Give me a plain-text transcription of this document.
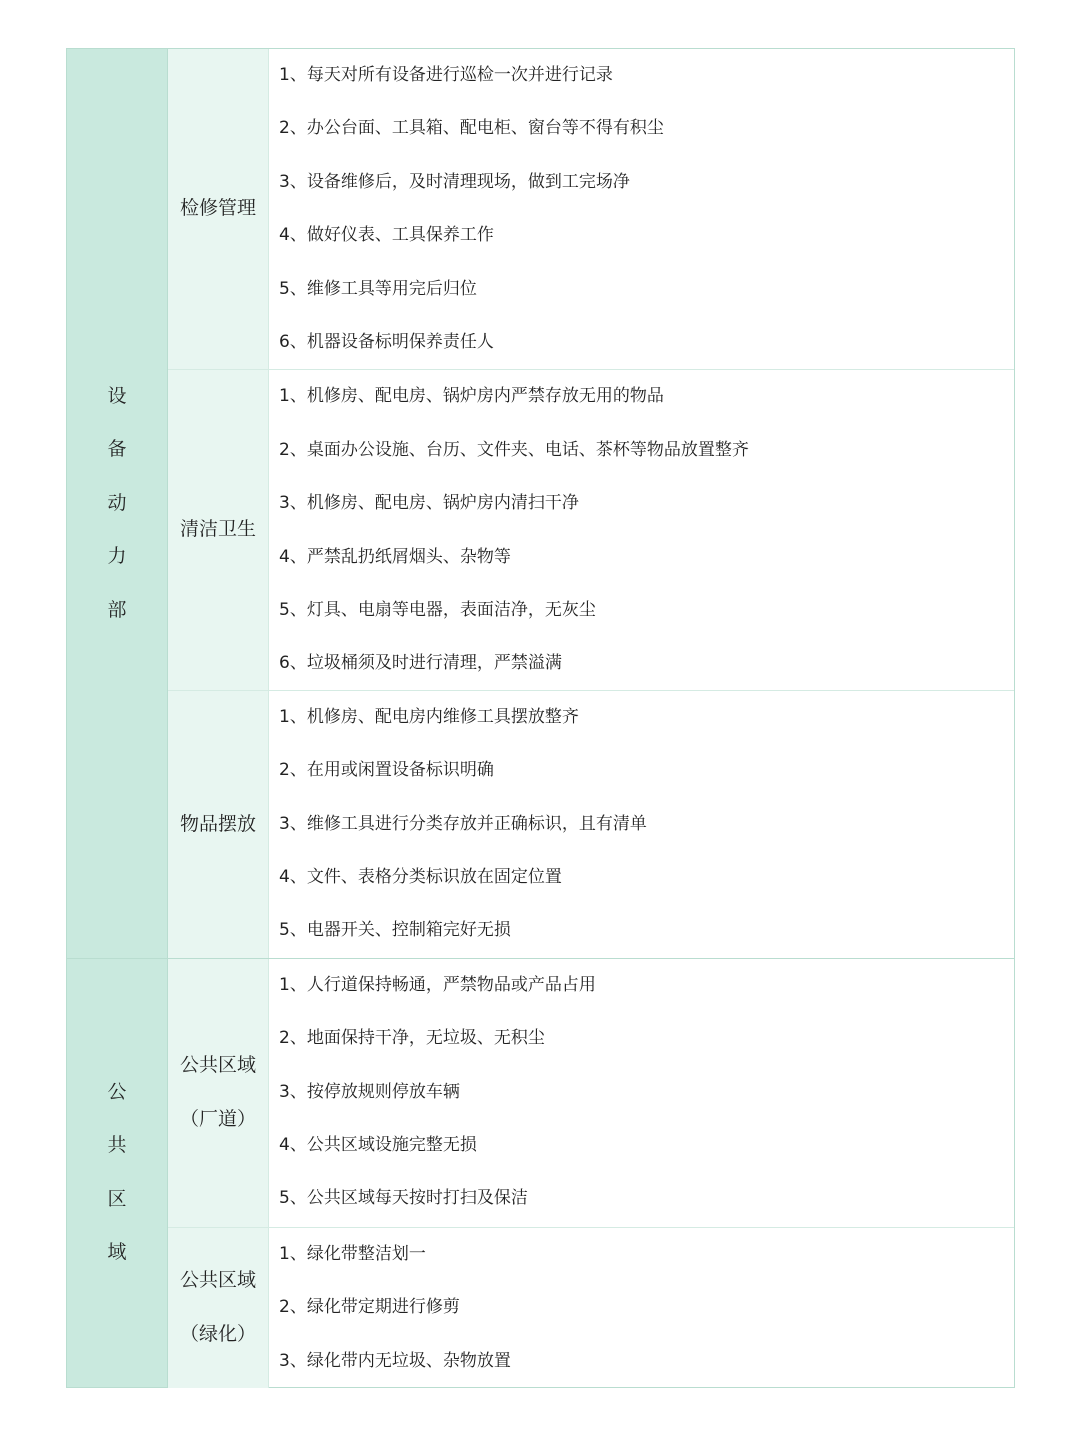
设
备
动
力
部
检修管理
1、每天对所有设备进行巡检一次并进行记录
2、办公台面、工具箱、配电柜、窗台等不得有积尘
3、设备维修后，及时清理现场，做到工完场净
4、做好仪表、工具保养工作
5、维修工具等用完后归位
6、机器设备标明保养责任人
清洁卫生
1、机修房、配电房、锅炉房内严禁存放无用的物品
2、桌面办公设施、台历、文件夹、电话、茶杯等物品放置整齐
3、机修房、配电房、锅炉房内清扫干净
4、严禁乱扔纸屑烟头、杂物等
5、灯具、电扇等电器，表面洁净，无灰尘
6、垃圾桶须及时进行清理，严禁溢满
物品摆放
1、机修房、配电房内维修工具摆放整齐
2、在用或闲置设备标识明确
3、维修工具进行分类存放并正确标识，且有清单
4、文件、表格分类标识放在固定位置
5、电器开关、控制箱完好无损
公
共
区
域
公共区域
（厂道）
1、人行道保持畅通，严禁物品或产品占用
2、地面保持干净，无垃圾、无积尘
3、按停放规则停放车辆
4、公共区域设施完整无损
5、公共区域每天按时打扫及保洁
公共区域
（绿化）
1、绿化带整洁划一
2、绿化带定期进行修剪
3、绿化带内无垃圾、杂物放置
